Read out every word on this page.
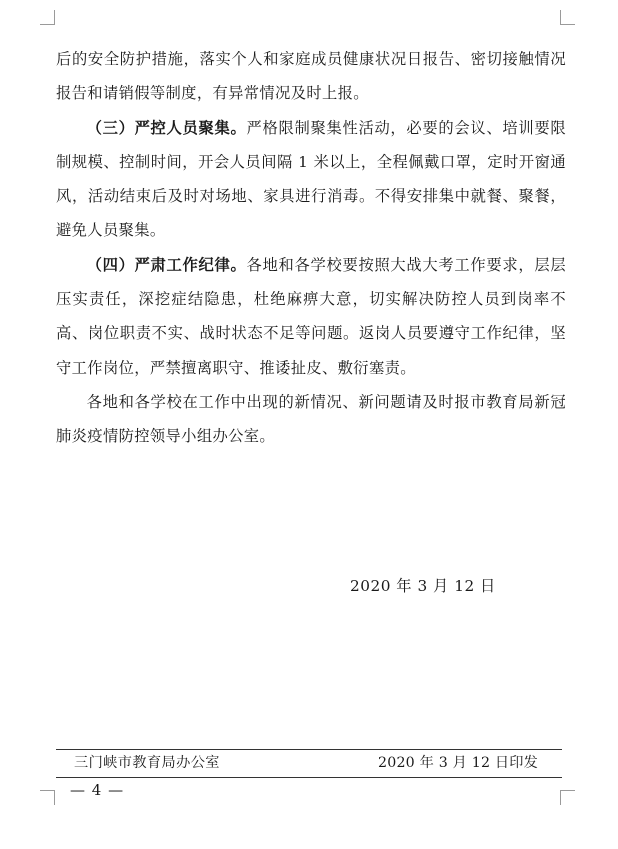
后的安全防护措施，落实个人和家庭成员健康状况日报告、密切接触情况报告和请销假等制度，有异常情况及时上报。

（三）严控人员聚集。严格限制聚集性活动，必要的会议、培训要限制规模、控制时间，开会人员间隔 1 米以上，全程佩戴口罩，定时开窗通风，活动结束后及时对场地、家具进行消毒。不得安排集中就餐、聚餐，避免人员聚集。

（四）严肃工作纪律。各地和各学校要按照大战大考工作要求，层层压实责任，深挖症结隐患，杜绝麻痹大意，切实解决防控人员到岗率不高、岗位职责不实、战时状态不足等问题。返岗人员要遵守工作纪律，坚守工作岗位，严禁擅离职守、推诿扯皮、敷衍塞责。

各地和各学校在工作中出现的新情况、新问题请及时报市教育局新冠肺炎疫情防控领导小组办公室。

2020 年 3 月 12 日
三门峡市教育局办公室	2020 年 3 月 12 日印发
— 4 —
